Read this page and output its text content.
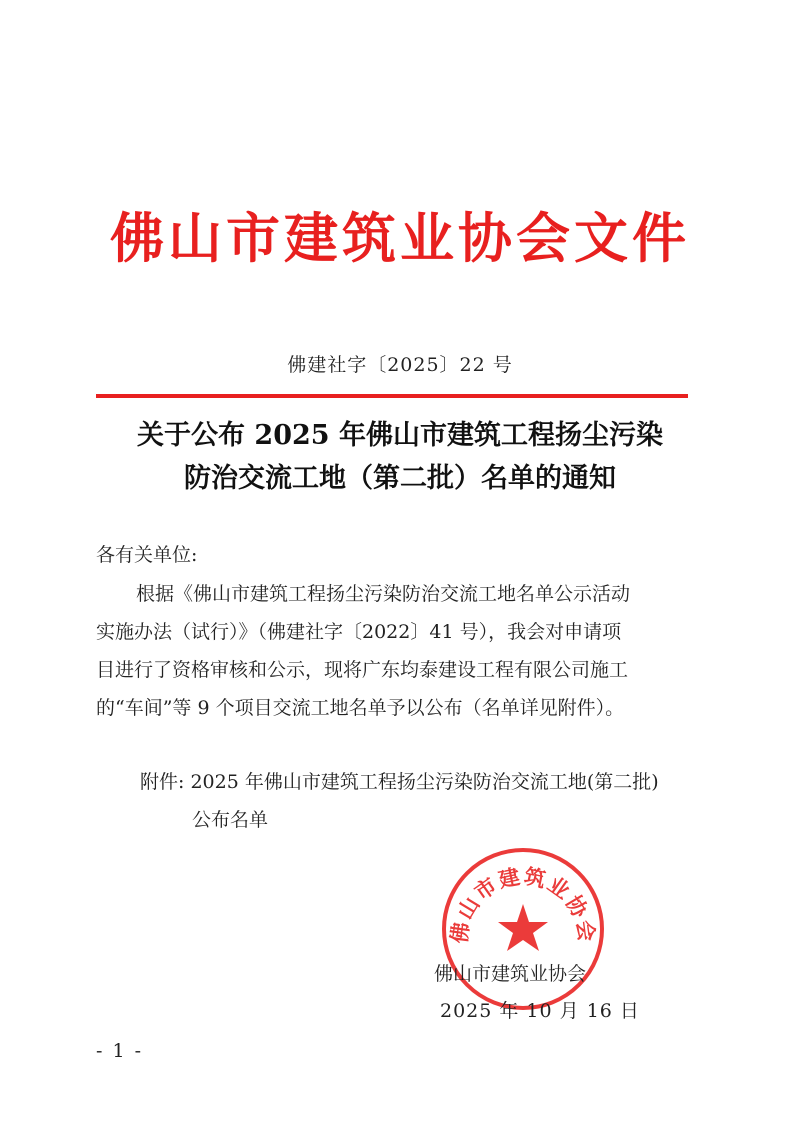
佛山市建筑业协会文件
佛建社字〔2025〕22 号
关于公布 2025 年佛山市建筑工程扬尘污染
防治交流工地（第二批）名单的通知
各有关单位:
根据《佛山市建筑工程扬尘污染防治交流工地名单公示活动
实施办法（试行）》（佛建社字〔2022〕41 号），我会对申请项
目进行了资格审核和公示，现将广东均泰建设工程有限公司施工
的“车间”等 9 个项目交流工地名单予以公布（名单详见附件）。
附件: 2025 年佛山市建筑工程扬尘污染防治交流工地(第二批)
公布名单
佛山市建筑业协会
佛山市建筑业协会
2025 年 10 月 16 日
- 1 -
